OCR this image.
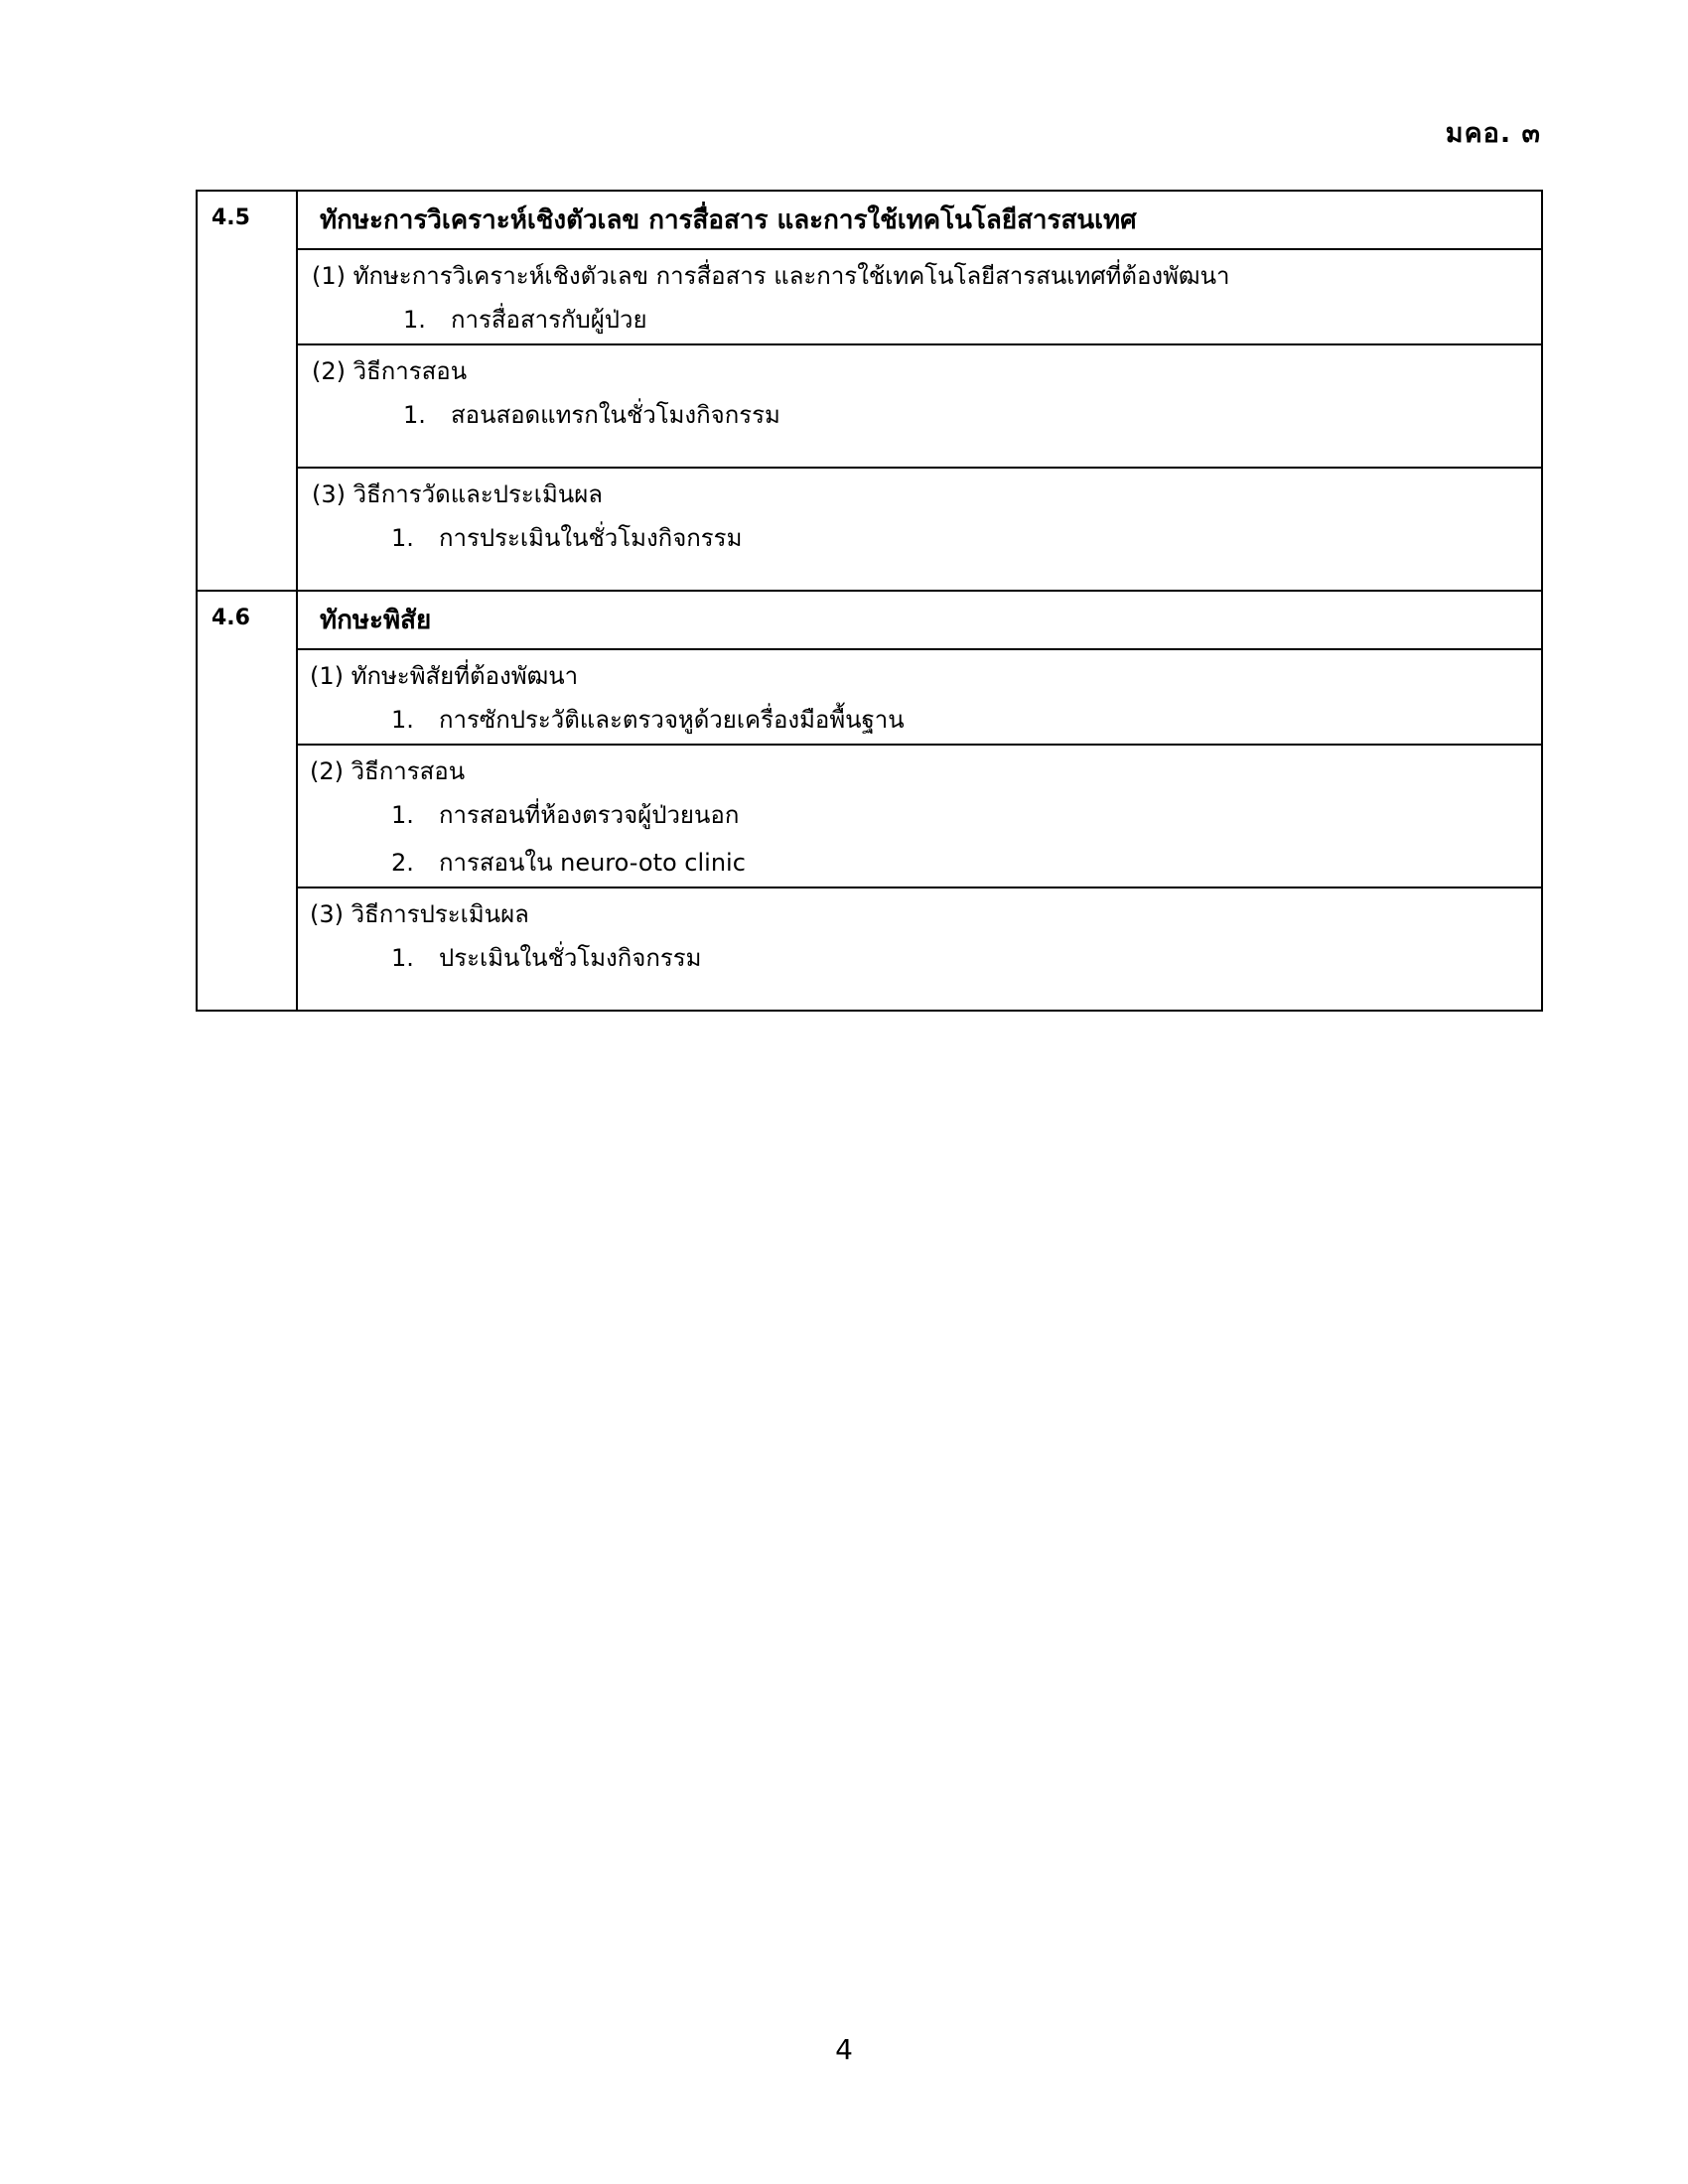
มคอ. ๓
4.5	ทักษะการวิเคราะห์เชิงตัวเลข การสื่อสาร และการใช้เทคโนโลยีสารสนเทศ

	(1) ทักษะการวิเคราะห์เชิงตัวเลข การสื่อสาร และการใช้เทคโนโลยีสารสนเทศที่ต้องพัฒนา
1. การสื่อสารกับผู้ป่วย

	(2) วิธีการสอน
1. สอนสอดแทรกในชั่วโมงกิจกรรม

	(3) วิธีการวัดและประเมินผล
1. การประเมินในชั่วโมงกิจกรรม

4.6	ทักษะพิสัย

	(1) ทักษะพิสัยที่ต้องพัฒนา
1. การซักประวัติและตรวจหูด้วยเครื่องมือพื้นฐาน

	(2) วิธีการสอน
1. การสอนที่ห้องตรวจผู้ป่วยนอก
2. การสอนใน neuro-oto clinic

	(3) วิธีการประเมินผล
1. ประเมินในชั่วโมงกิจกรรม
4
